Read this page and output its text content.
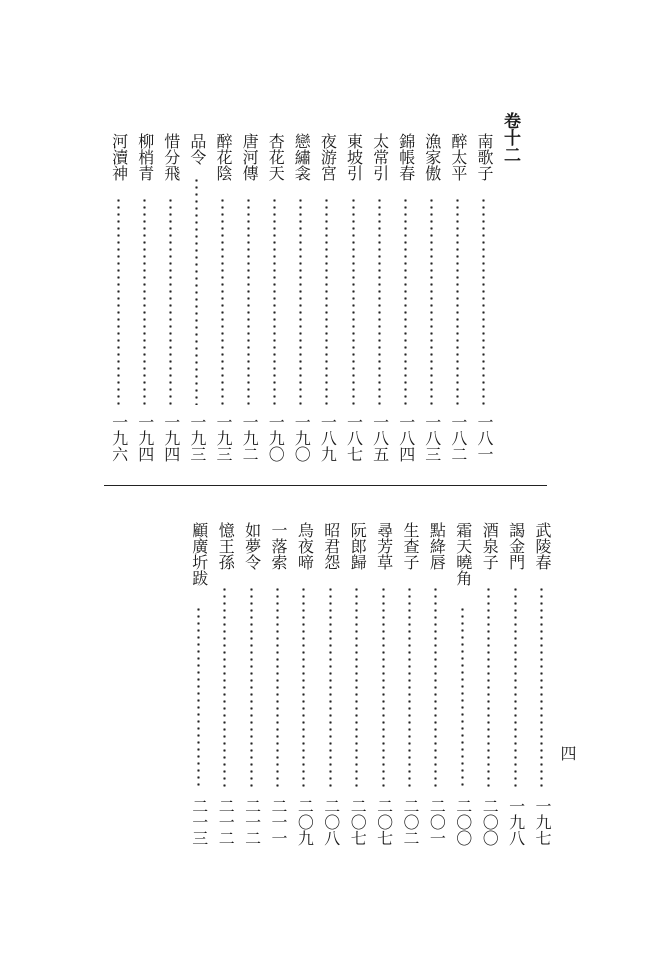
卷十二
南歌子
一八一
醉太平
一八二
漁家傲
一八三
錦帳春
一八四
太常引
一八五
東坡引
一八七
夜游宮
一八九
戀繡衾
一九〇
杏花天
一九〇
唐河傳
一九二
醉花陰
一九三
品令
一九三
惜分飛
一九四
柳梢青
一九四
河瀆神
一九六
武陵春
一九七
謁金門
一九八
酒泉子
二〇〇
霜天曉角
二〇〇
點絳唇
二〇一
生查子
二〇二
尋芳草
二〇七
阮郎歸
二〇七
昭君怨
二〇八
烏夜啼
二〇九
一落索
二一一
如夢令
二一二
憶王孫
二一二
顧廣圻跋
二一三
四
